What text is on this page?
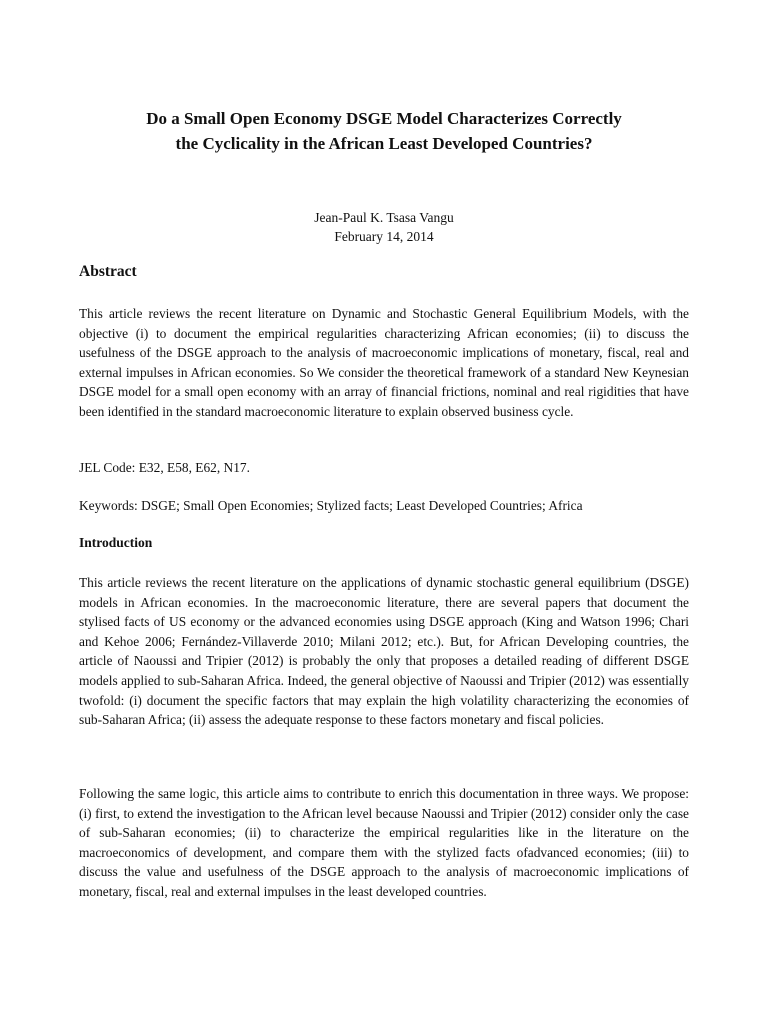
Do a Small Open Economy DSGE Model Characterizes Correctly
the Cyclicality in the African Least Developed Countries?
Jean-Paul K. Tsasa Vangu
February 14, 2014
Abstract

This article reviews the recent literature on Dynamic and Stochastic General Equilibrium Models, with the objective (i) to document the empirical regularities characterizing African economies; (ii) to discuss the usefulness of the DSGE approach to the analysis of macroeconomic implications of monetary, fiscal, real and external impulses in African economies. So We consider the theoretical framework of a standard New Keynesian DSGE model for a small open economy with an array of financial frictions, nominal and real rigidities that have been identified in the standard macroeconomic literature to explain observed business cycle.

JEL Code: E32, E58, E62, N17.

Keywords: DSGE; Small Open Economies; Stylized facts; Least Developed Countries; Africa

Introduction

This article reviews the recent literature on the applications of dynamic stochastic general equilibrium (DSGE) models in African economies. In the macroeconomic literature, there are several papers that document the stylised facts of US economy or the advanced economies using DSGE approach (King and Watson 1996; Chari and Kehoe 2006; Fernández-Villaverde 2010; Milani 2012; etc.). But, for African Developing countries, the article of Naoussi and Tripier (2012) is probably the only that proposes a detailed reading of different DSGE models applied to sub-Saharan Africa. Indeed, the general objective of Naoussi and Tripier (2012) was essentially twofold: (i) document the specific factors that may explain the high volatility characterizing the economies of sub-Saharan Africa; (ii) assess the adequate response to these factors monetary and fiscal policies.

Following the same logic, this article aims to contribute to enrich this documentation in three ways. We propose: (i) first, to extend the investigation to the African level because Naoussi and Tripier (2012) consider only the case of sub-Saharan economies; (ii) to characterize the empirical regularities like in the literature on the macroeconomics of development, and compare them with the stylized facts ofadvanced economies; (iii) to discuss the value and usefulness of the DSGE approach to the analysis of macroeconomic implications of monetary, fiscal, real and external impulses in the least developed countries.
